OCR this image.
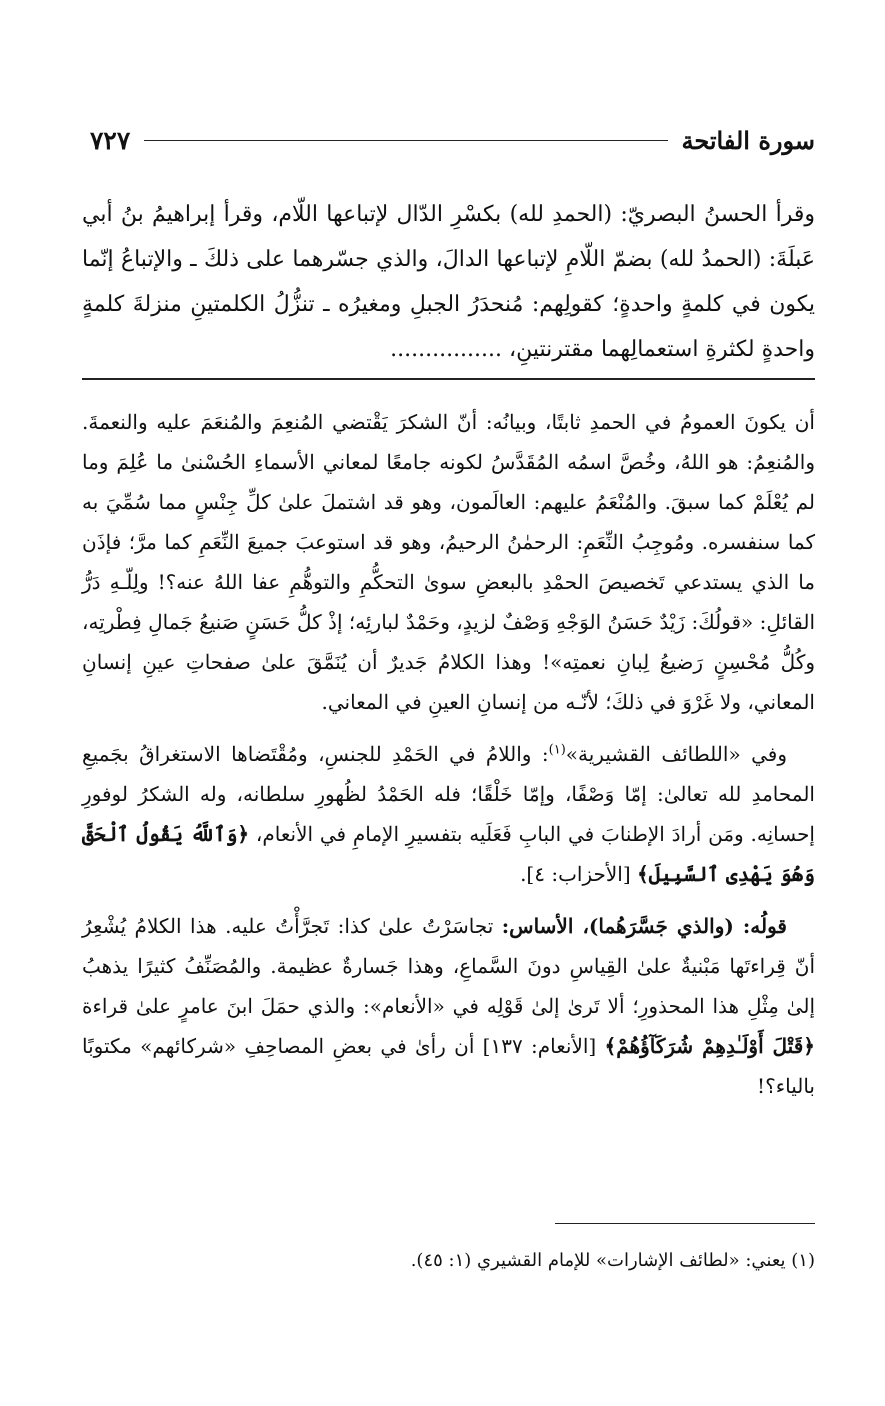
سورة الفاتحة
٧٢٧
وقرأ الحسنُ البصريّ: (الحمدِ لله) بكسْرِ الدّال لإتباعها اللّام، وقرأ إبراهيمُ بنُ أبي عَبلَةَ: (الحمدُ لله) بضمّ اللّامِ لإتباعها الدالَ، والذي جسّرهما على ذلكَ ـ والإتباعُ إنّما يكون في كلمةٍ واحدةٍ؛ كقولِهم: مُنحدَرُ الجبلِ ومغيرُه ـ تنزُّلُ الكلمتينِ منزلةَ كلمةٍ واحدةٍ لكثرةِ استعمالِهما مقترنتينِ، ................

أن يكونَ العمومُ في الحمدِ ثابتًا، وبيانُه: أنّ الشكرَ يَقْتضي المُنعِمَ والمُنعَمَ عليه والنعمةَ. والمُنعِمُ: هو اللهُ، وخُصَّ اسمُه المُقَدَّسُ لكونه جامعًا لمعاني الأسماءِ الحُسْنىٰ ما عُلِمَ وما لم يُعْلَمْ كما سبقَ. والمُنْعَمُ عليهم: العالَمون، وهو قد اشتملَ علىٰ كلِّ جِنْسٍ مما سُمِّيَ به كما سنفسره. ومُوجِبُ النِّعَمِ: الرحمٰنُ الرحيمُ، وهو قد استوعبَ جميعَ النِّعَمِ كما مرَّ؛ فإذَن ما الذي يستدعي تَخصيصَ الحمْدِ بالبعضِ سوىٰ التحكُّمِ والتوهُّمِ عفا اللهُ عنه؟! ولِلّـهِ دَرُّ القائلِ: «قولُكَ: زَيْدٌ حَسَنُ الوَجْهِ وَصْفٌ لزيدٍ، وحَمْدٌ لبارئِه؛ إذْ كلُّ حَسَنٍ صَنيعُ جَمالِ فِطْرتِه، وكُلُّ مُحْسِنٍ رَضيعُ لِبانِ نعمتِه»! وهذا الكلامُ جَديرٌ أن يُنَمَّقَ علىٰ صفحاتِ عينِ إنسانِ المعاني، ولا غَرْوَ في ذلكَ؛ لأنّـه من إنسانِ العينِ في المعاني.

وفي «اللطائف القشيرية»$^{(١)}$: واللامُ في الحَمْدِ للجنسِ، ومُقْتَضاها الاستغراقُ بجَميعِ المحامدِ لله تعالىٰ: إمّا وَصْفًا، وإمّا خَلْقًا؛ فله الحَمْدُ لظُهورِ سلطانه، وله الشكرُ لوفورِ إحسانِه. ومَن أرادَ الإطنابَ في البابِ فَعَلَيه بتفسيرِ الإمامِ في الأنعام، ﴿وَٱللَّهُ يَقُولُ ٱلْحَقَّ وَهُوَ يَهْدِى ٱلسَّبِيلَ﴾ [الأحزاب: ٤].

قولُه: (والذي جَسَّرَهُما)، الأساس: تجاسَرْتُ علىٰ كذا: تَجرَّأْتُ عليه. هذا الكلامُ يُشْعِرُ أنّ قِراءتَها مَبْنيةٌ علىٰ القِياسِ دونَ السَّماعِ، وهذا جَسارةٌ عظيمة. والمُصَنِّفُ كثيرًا يذهبُ إلىٰ مِثْلِ هذا المحذورِ؛ ألا تَرىٰ إلىٰ قَوْلِه في «الأنعام»: والذي حمَلَ ابنَ عامرٍ علىٰ قراءة ﴿قَتْلَ أَوْلَـٰدِهِمْ شُرَكَآؤُهُمْ﴾ [الأنعام: ١٣٧] أن رأىٰ في بعضِ المصاحِفِ «شركائهم» مكتوبًا بالياء؟!

(١) يعني: «لطائف الإشارات» للإمام القشيري (١: ٤٥).
